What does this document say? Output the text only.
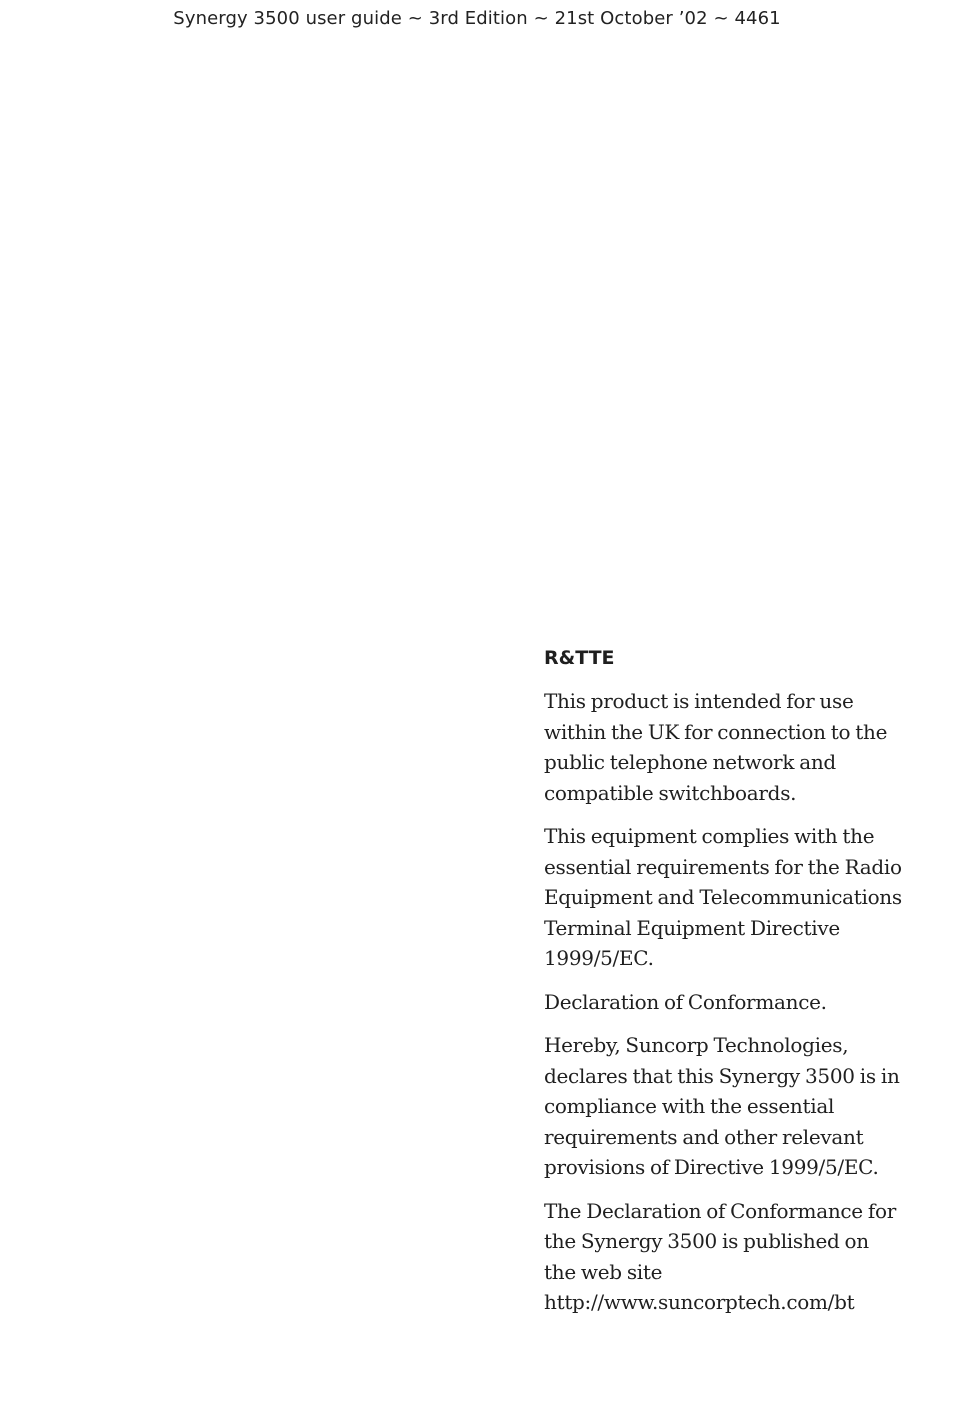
Synergy 3500 user guide ~ 3rd Edition ~ 21st October ’02 ~ 4461
R&TTE

This product is intended for use within the UK for connection to the public telephone network and compatible switchboards.

This equipment complies with the essential requirements for the Radio Equipment and Telecommunications Terminal Equipment Directive 1999/5/EC.

Declaration of Conformance.

Hereby, Suncorp Technologies, declares that this Synergy 3500 is in compliance with the essential requirements and other relevant provisions of Directive 1999/5/EC.

The Declaration of Conformance for the Synergy 3500 is published on the web site http://www.suncorptech.com/bt
